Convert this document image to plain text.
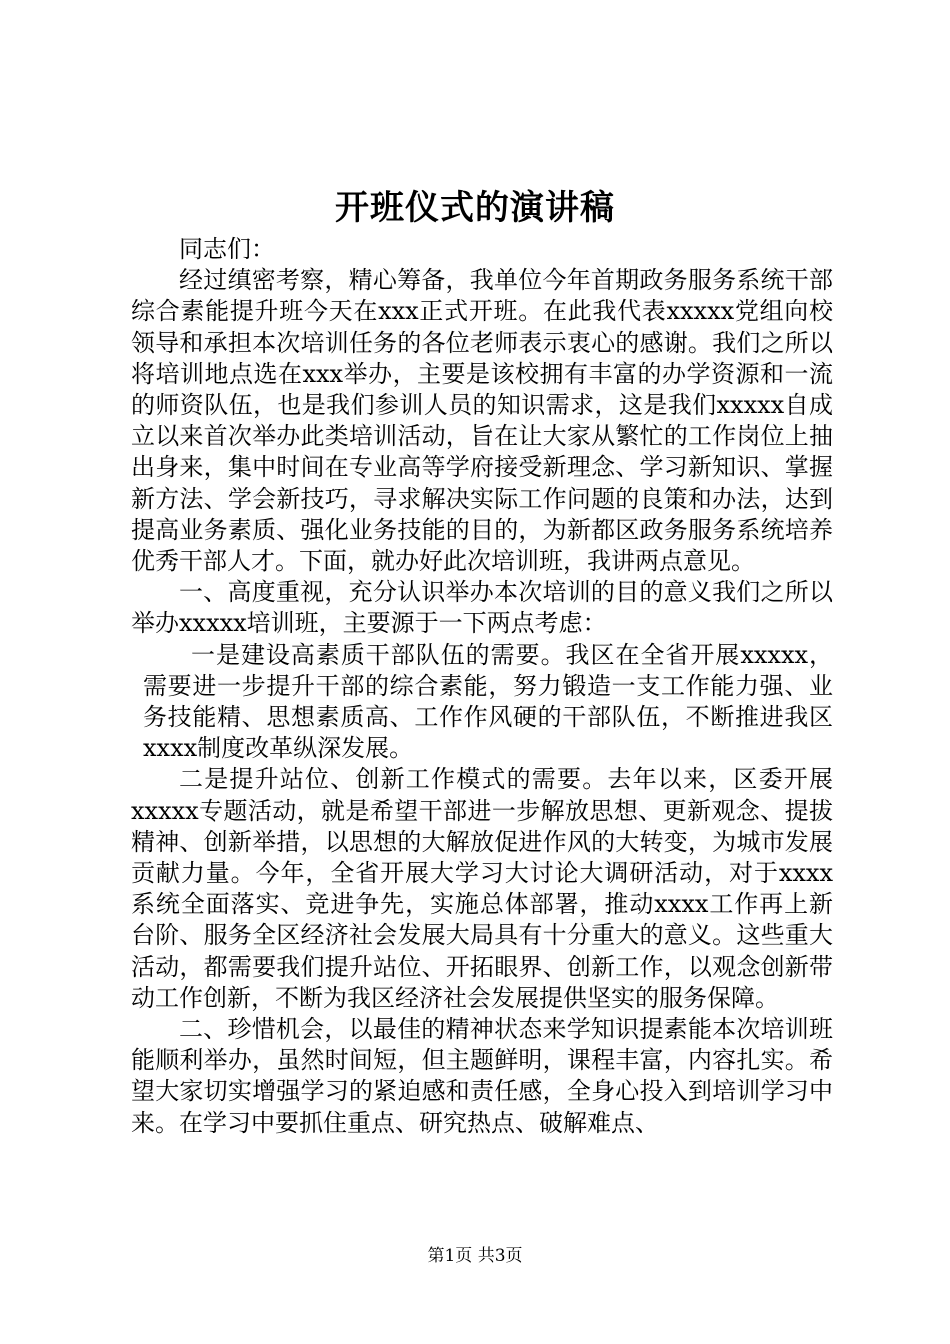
开班仪式的演讲稿

同志们：

经过缜密考察，精心筹备，我单位今年首期政务服务系统干部综合素能提升班今天在xxx正式开班。在此我代表xxxxx党组向校领导和承担本次培训任务的各位老师表示衷心的感谢。我们之所以将培训地点选在xxx举办，主要是该校拥有丰富的办学资源和一流的师资队伍，也是我们参训人员的知识需求，这是我们xxxxx自成立以来首次举办此类培训活动，旨在让大家从繁忙的工作岗位上抽出身来，集中时间在专业高等学府接受新理念、学习新知识、掌握新方法、学会新技巧，寻求解决实际工作问题的良策和办法，达到提高业务素质、强化业务技能的目的，为新都区政务服务系统培养优秀干部人才。下面，就办好此次培训班，我讲两点意见。

一、高度重视，充分认识举办本次培训的目的意义我们之所以举办xxxxx培训班，主要源于一下两点考虑：

一是建设高素质干部队伍的需要。我区在全省开展xxxxx，需要进一步提升干部的综合素能，努力锻造一支工作能力强、业务技能精、思想素质高、工作作风硬的干部队伍，不断推进我区xxxx制度改革纵深发展。

二是提升站位、创新工作模式的需要。去年以来，区委开展xxxxx专题活动，就是希望干部进一步解放思想、更新观念、提拔精神、创新举措，以思想的大解放促进作风的大转变，为城市发展贡献力量。今年，全省开展大学习大讨论大调研活动，对于xxxx系统全面落实、竞进争先，实施总体部署，推动xxxx工作再上新台阶、服务全区经济社会发展大局具有十分重大的意义。这些重大活动，都需要我们提升站位、开拓眼界、创新工作，以观念创新带动工作创新，不断为我区经济社会发展提供坚实的服务保障。

二、珍惜机会，以最佳的精神状态来学知识提素能本次培训班能顺利举办，虽然时间短，但主题鲜明，课程丰富，内容扎实。希望大家切实增强学习的紧迫感和责任感，全身心投入到培训学习中来。在学习中要抓住重点、研究热点、破解难点、

第1页 共3页
